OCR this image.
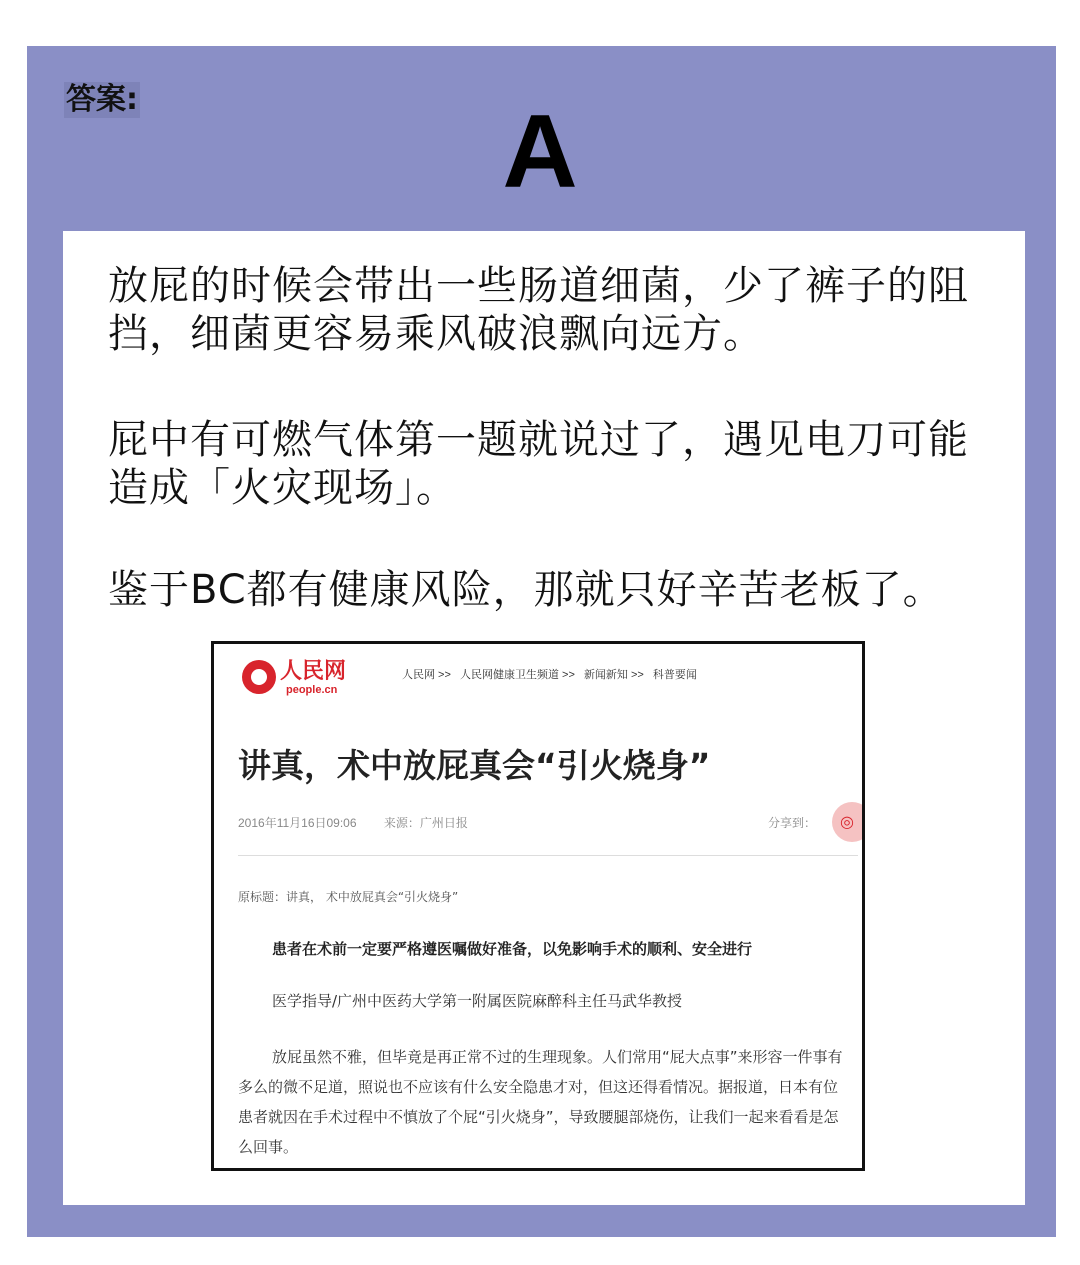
答案:	A
放屁的时候会带出一些肠道细菌，少了裤子的阻挡，细菌更容易乘风破浪飘向远方。
屁中有可燃气体第一题就说过了，遇见电刀可能造成「火灾现场」。
鉴于BC都有健康风险，那就只好辛苦老板了。
人民网
people.cn
人民网 >> 人民网健康卫生频道 >> 新闻新知 >> 科普要闻
讲真，术中放屁真会“引火烧身”
2016年11月16日09:06 来源：广州日报	分享到：	◎
原标题：讲真， 术中放屁真会“引火烧身”
患者在术前一定要严格遵医嘱做好准备，以免影响手术的顺利、安全进行
医学指导/广州中医药大学第一附属医院麻醉科主任马武华教授
放屁虽然不雅，但毕竟是再正常不过的生理现象。人们常用“屁大点事”来形容一件事有多么的微不足道，照说也不应该有什么安全隐患才对，但这还得看情况。据报道，日本有位患者就因在手术过程中不慎放了个屁“引火烧身”，导致腰腿部烧伤，让我们一起来看看是怎么回事。
